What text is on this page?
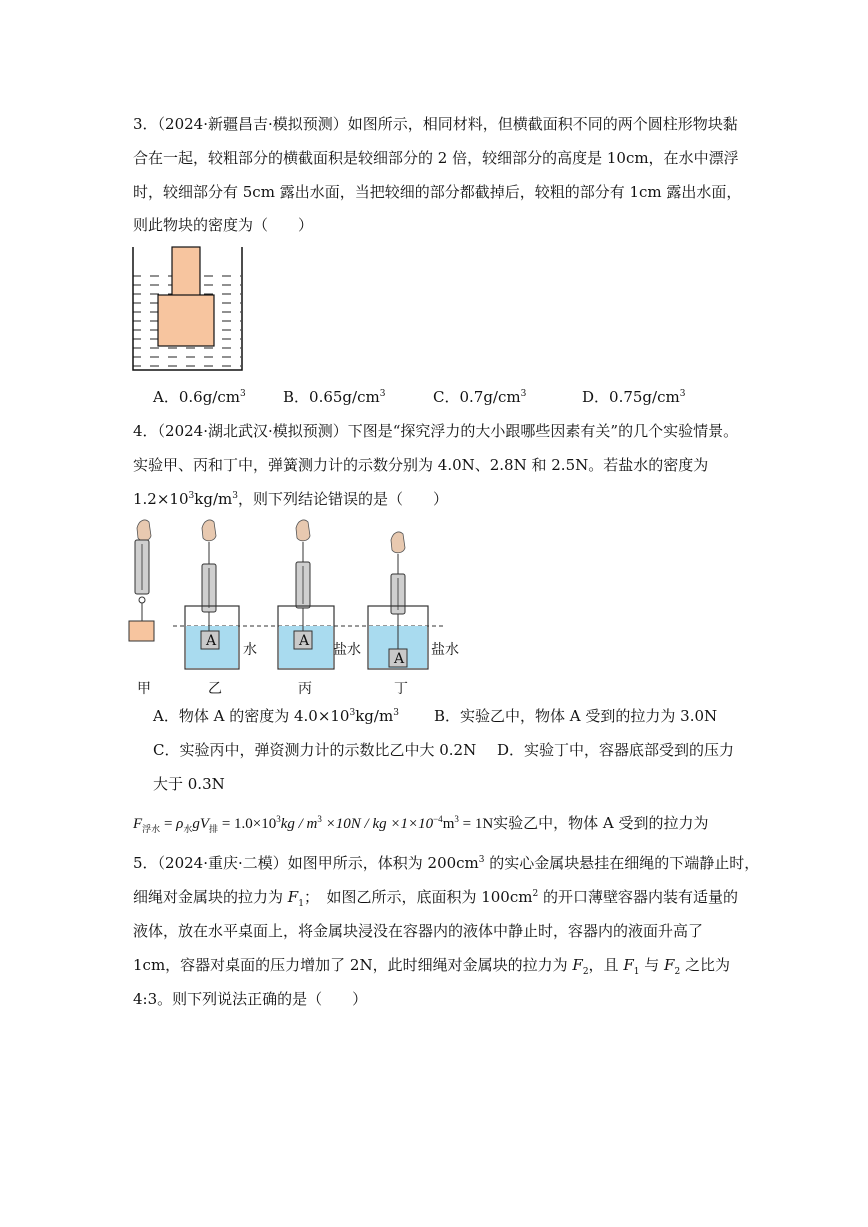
3．（2024·新疆昌吉·模拟预测）如图所示，相同材料，但横截面积不同的两个圆柱形物块黏
合在一起，较粗部分的横截面积是较细部分的 2 倍，较细部分的高度是 10cm，在水中漂浮
时，较细部分有 5cm 露出水面，当把较细的部分都截掉后，较粗的部分有 1cm 露出水面，
则此物块的密度为（　　）
A．$0.6g/cm^3$ B．$0.65g/cm^3$	C．$0.7g/cm^3$	D．$0.75g/cm^3$
4．（2024·湖北武汉·模拟预测）下图是“探究浮力的大小跟哪些因素有关”的几个实验情景。
实验甲、丙和丁中，弹簧测力计的示数分别为 4.0N、2.8N 和 2.5N。若盐水的密度为
$1.2\times 10^3kg/m^3$，则下列结论错误的是（　　）
A	A
A
水	盐水	盐水
甲	乙	丙	丁
A．物体 A 的密度为 $4.0\times 10^3kg/m^3$ B．实验乙中，物体 A 受到的拉力为 3.0N
C．实验丙中，弹资测力计的示数比乙中大 0.2N D．实验丁中，容器底部受到的压力
大于 0.3N
$F_{浮水} = \rho_水gV_排 = 1.0\times 10^3kg / m^3 \times 10N$ / kg $\times 1\times 10^{-4}m^3 = 1N$实验乙中，物体 A 受到的拉力为
5．（2024·重庆·二模）如图甲所示，体积为 $200cm^3$ 的实心金属块悬挂在细绳的下端静止时，
细绳对金属块的拉力为 $F_1$；　如图乙所示，底面积为 $100cm^2$ 的开口薄壁容器内装有适量的
液体，放在水平桌面上，将金属块浸没在容器内的液体中静止时，容器内的液面升高了
1cm，容器对桌面的压力增加了 2N，此时细绳对金属块的拉力为 $F_2$，且 $F_1$ 与 $F_2$ 之比为
4:3。则下列说法正确的是（　　）
